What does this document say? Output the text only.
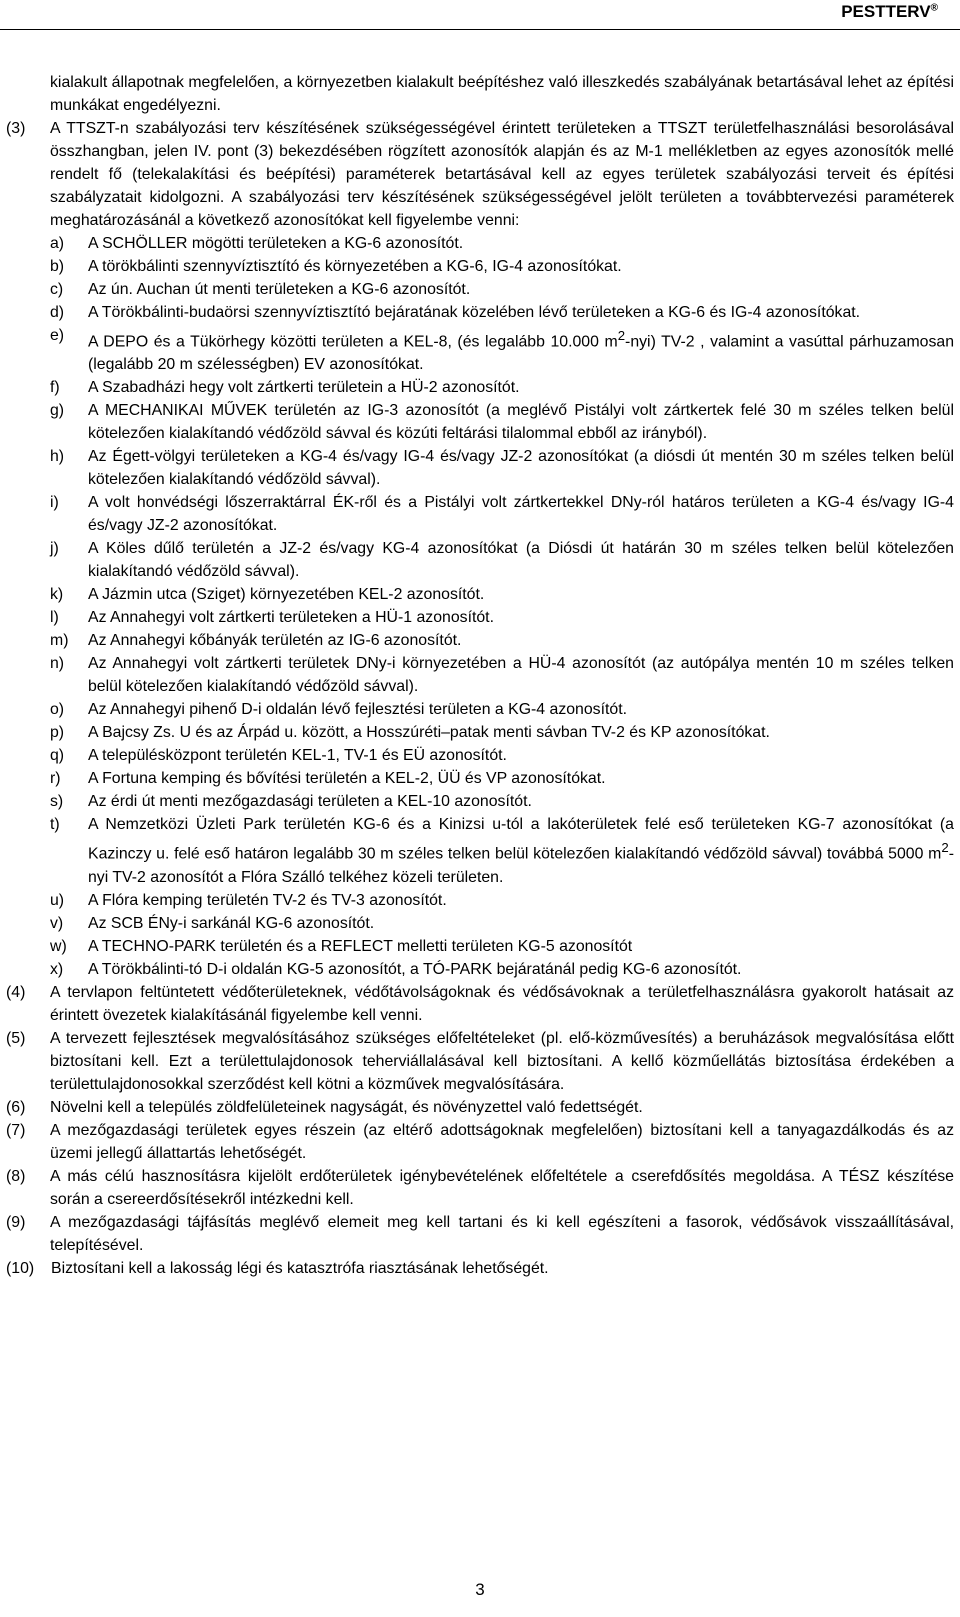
PESTTERV®
kialakult állapotnak megfelelően, a környezetben kialakult beépítéshez való illeszkedés szabályának betartásával lehet az építési munkákat engedélyezni.
(3)	A TTSZT-n szabályozási terv készítésének szükségességével érintett területeken a TTSZT területfelhasználási besorolásával összhangban, jelen IV. pont (3) bekezdésében rögzített azonosítók alapján és az M-1 mellékletben az egyes azonosítók mellé rendelt fő (telekalakítási és beépítési) paraméterek betartásával kell az egyes területek szabályozási terveit és építési szabályzatait kidolgozni. A szabályozási terv készítésének szükségességével jelölt területen a továbbtervezési paraméterek meghatározásánál a következő azonosítókat kell figyelembe venni:
a)	A SCHÖLLER mögötti területeken a KG-6 azonosítót.
b)	A törökbálinti szennyvíztisztító és környezetében a KG-6, IG-4 azonosítókat.
c)	Az ún. Auchan út menti területeken a KG-6 azonosítót.
d)	A Törökbálinti-budaörsi szennyvíztisztító bejáratának közelében lévő területeken a KG-6 és IG-4 azonosítókat.
e)	A DEPO és a Tükörhegy közötti területen a KEL-8, (és legalább 10.000 $m^2-nyi$) TV-2 , valamint a vasúttal párhuzamosan (legalább 20 m szélességben) EV azonosítókat.
f)	A Szabadházi hegy volt zártkerti területein a HÜ-2 azonosítót.
g)	A MECHANIKAI MŰVEK területén az IG-3 azonosítót (a meglévő Pistályi volt zártkertek felé 30 m széles telken belül kötelezően kialakítandó védőzöld sávval és közúti feltárási tilalommal ebből az irányból).
h)	Az Égett-völgyi területeken a KG-4 és/vagy IG-4 és/vagy JZ-2 azonosítókat (a diósdi út mentén 30 m széles telken belül kötelezően kialakítandó védőzöld sávval).
i)	A volt honvédségi lőszerraktárral ÉK-ről és a Pistályi volt zártkertekkel DNy-ról határos területen a KG-4 és/vagy IG-4 és/vagy JZ-2 azonosítókat.
j)	A Köles dűlő területén a JZ-2 és/vagy KG-4 azonosítókat (a Diósdi út határán 30 m széles telken belül kötelezően kialakítandó védőzöld sávval).
k)	A Jázmin utca (Sziget) környezetében KEL-2 azonosítót.
l)	Az Annahegyi volt zártkerti területeken a HÜ-1 azonosítót.
m)	Az Annahegyi kőbányák területén az IG-6 azonosítót.
n)	Az Annahegyi volt zártkerti területek DNy-i környezetében a HÜ-4 azonosítót (az autópálya mentén 10 m széles telken belül kötelezően kialakítandó védőzöld sávval).
o)	Az Annahegyi pihenő D-i oldalán lévő fejlesztési területen a KG-4 azonosítót.
p)	A Bajcsy Zs. U és az Árpád u. között, a Hosszúréti–patak menti sávban TV-2 és KP azonosítókat.
q)	A településközpont területén KEL-1, TV-1 és EÜ azonosítót.
r)	A Fortuna kemping és bővítési területén a KEL-2, ÜÜ és VP azonosítókat.
s)	Az érdi út menti mezőgazdasági területen a KEL-10 azonosítót.
t)	A Nemzetközi Üzleti Park területén KG-6 és a Kinizsi u-tól a lakóterületek felé eső területeken KG-7 azonosítókat (a Kazinczy u. felé eső határon legalább 30 m széles telken belül kötelezően kialakítandó védőzöld sávval) továbbá 5000 $m^2$-nyi TV-2 azonosítót a Flóra Szálló telkéhez közeli területen.
u)	A Flóra kemping területén TV-2 és TV-3 azonosítót.
v)	Az SCB ÉNy-i sarkánál KG-6 azonosítót.
w)	A TECHNO-PARK területén és a REFLECT melletti területen KG-5 azonosítót
x)	A Törökbálinti-tó D-i oldalán KG-5 azonosítót, a TÓ-PARK bejáratánál pedig KG-6 azonosítót.
(4)	A tervlapon feltüntetett védőterületeknek, védőtávolságoknak és védősávoknak a területfelhasználásra gyakorolt hatásait az érintett övezetek kialakításánál figyelembe kell venni.
(5)	A tervezett fejlesztések megvalósításához szükséges előfeltételeket (pl. elő-közművesítés) a beruházások megvalósítása előtt biztosítani kell. Ezt a területtulajdonosok teherviállalásával kell biztosítani. A kellő közműellátás biztosítása érdekében a területtulajdonosokkal szerződést kell kötni a közművek megvalósítására.
(6)	Növelni kell a település zöldfelületeinek nagyságát, és növényzettel való fedettségét.
(7)	A mezőgazdasági területek egyes részein (az eltérő adottságoknak megfelelően) biztosítani kell a tanyagazdálkodás és az üzemi jellegű állattartás lehetőségét.
(8)	A más célú hasznosításra kijelölt erdőterületek igénybevételének előfeltétele a cserefdősítés megoldása. A TÉSZ készítése során a csereerdősítésekről intézkedni kell.
(9)	A mezőgazdasági tájfásítás meglévő elemeit meg kell tartani és ki kell egészíteni a fasorok, védősávok visszaállításával, telepítésével.
(10)	Biztosítani kell a lakosság légi és katasztrófa riasztásának lehetőségét.
3
